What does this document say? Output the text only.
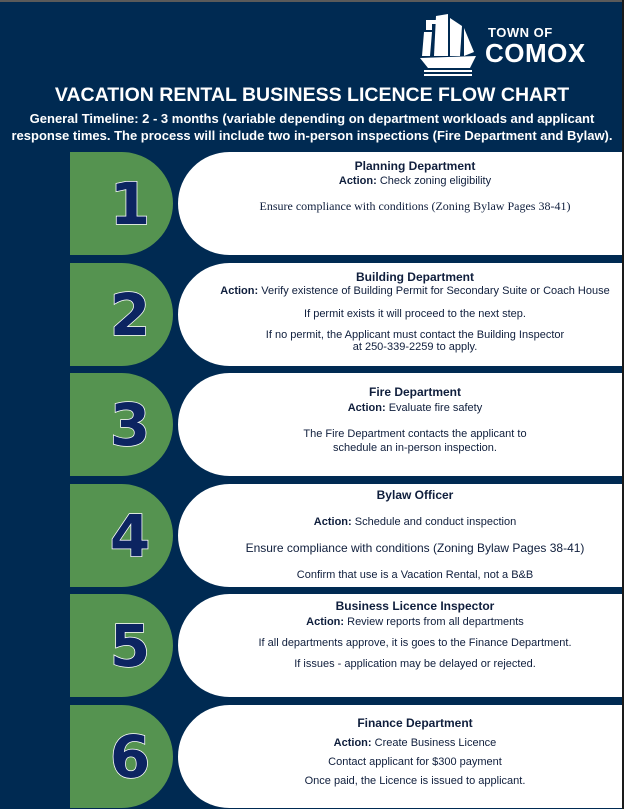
TOWN OF
COMOX
VACATION RENTAL BUSINESS LICENCE FLOW CHART
General Timeline: 2 - 3 months (variable depending on department workloads and applicant
response times. The process will include two in-person inspections (Fire Department and Bylaw).
1
Planning Department
Action: Check zoning eligibility
Ensure compliance with conditions (Zoning Bylaw Pages 38-41)
2
Building Department
Action: Verify existence of Building Permit for Secondary Suite or Coach House
If permit exists it will proceed to the next step.
If no permit, the Applicant must contact the Building Inspector
at 250-339-2259 to apply.
3	Fire Department
Action: Evaluate fire safety
The Fire Department contacts the applicant to
schedule an in-person inspection.
4
Bylaw Officer
Action: Schedule and conduct inspection
Ensure compliance with conditions (Zoning Bylaw Pages 38-41)
Confirm that use is a Vacation Rental, not a B&B
5
Business Licence Inspector
Action: Review reports from all departments
If all departments approve, it is goes to the Finance Department.
If issues - application may be delayed or rejected.
6	Finance Department
Action: Create Business Licence
Contact applicant for $300 payment
Once paid, the Licence is issued to applicant.
